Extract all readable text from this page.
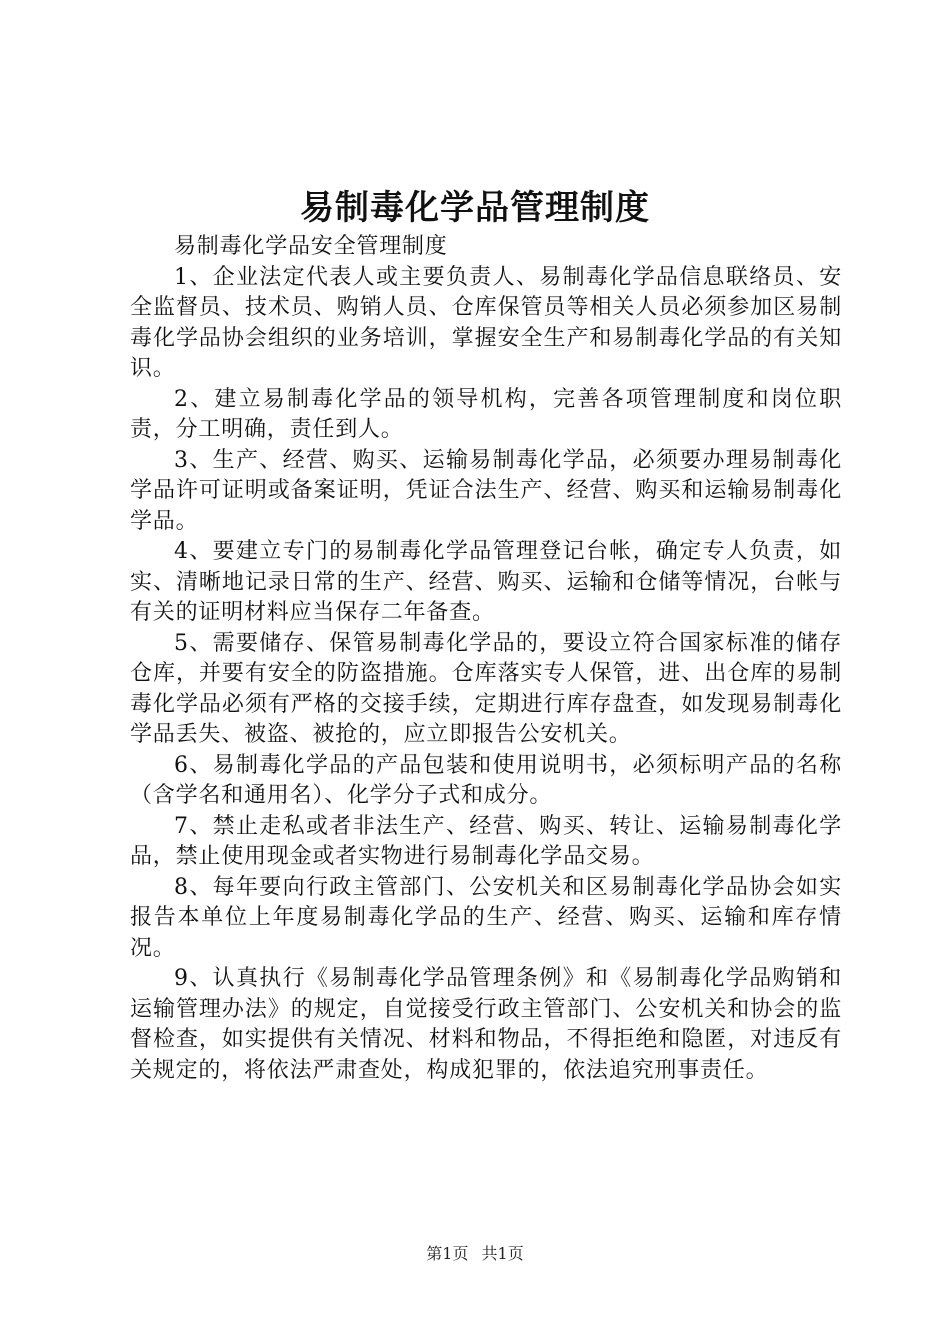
易制毒化学品管理制度

易制毒化学品安全管理制度

1、企业法定代表人或主要负责人、易制毒化学品信息联络员、安全监督员、技术员、购销人员、仓库保管员等相关人员必须参加区易制毒化学品协会组织的业务培训，掌握安全生产和易制毒化学品的有关知识。

2、建立易制毒化学品的领导机构，完善各项管理制度和岗位职责，分工明确，责任到人。

3、生产、经营、购买、运输易制毒化学品，必须要办理易制毒化学品许可证明或备案证明，凭证合法生产、经营、购买和运输易制毒化学品。

4、要建立专门的易制毒化学品管理登记台帐，确定专人负责，如实、清晰地记录日常的生产、经营、购买、运输和仓储等情况，台帐与有关的证明材料应当保存二年备查。

5、需要储存、保管易制毒化学品的，要设立符合国家标准的储存仓库，并要有安全的防盗措施。仓库落实专人保管，进、出仓库的易制毒化学品必须有严格的交接手续，定期进行库存盘查，如发现易制毒化学品丢失、被盗、被抢的，应立即报告公安机关。

6、易制毒化学品的产品包装和使用说明书，必须标明产品的名称（含学名和通用名）、化学分子式和成分。

7、禁止走私或者非法生产、经营、购买、转让、运输易制毒化学品，禁止使用现金或者实物进行易制毒化学品交易。

8、每年要向行政主管部门、公安机关和区易制毒化学品协会如实报告本单位上年度易制毒化学品的生产、经营、购买、运输和库存情况。

9、认真执行《易制毒化学品管理条例》和《易制毒化学品购销和运输管理办法》的规定，自觉接受行政主管部门、公安机关和协会的监督检查，如实提供有关情况、材料和物品，不得拒绝和隐匿，对违反有关规定的，将依法严肃查处，构成犯罪的，依法追究刑事责任。

第1页 共1页
